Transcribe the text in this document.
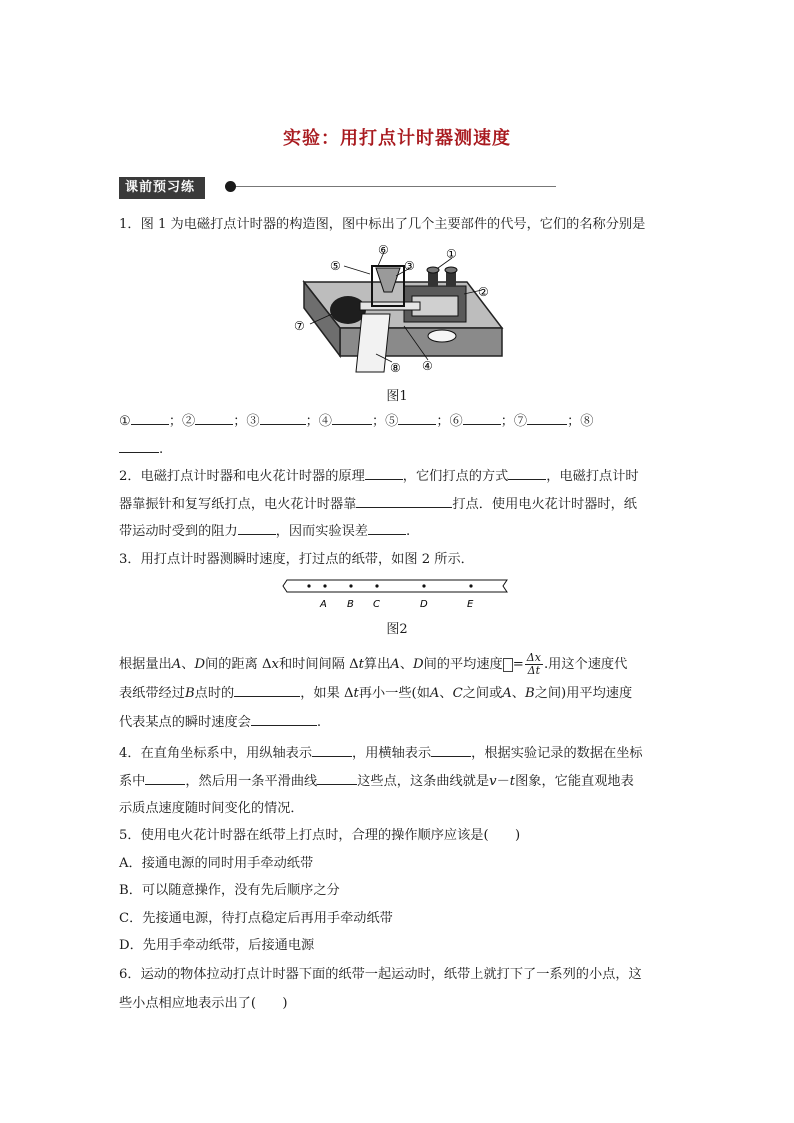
实验：用打点计时器测速度
课前预习练
1．图 1 为电磁打点计时器的构造图，图中标出了几个主要部件的代号，它们的名称分别是
①
②
③
④
⑤
⑥
⑦
⑧
图1
①	；②	；③	；④	；⑤	；⑥	；⑦	；⑧
.
2．电磁打点计时器和电火花计时器的原理	，它们打点的方式	，电磁打点计时
器靠振针和复写纸打点，电火花计时器靠	打点．使用电火花计时器时，纸
带运动时受到的阻力	，因而实验误差	.
3．用打点计时器测瞬时速度，打过点的纸带，如图 2 所示．
A B C	D	E
图2
根据量出A、D间的距离 Δx和时间间隔 Δt算出A、D间的平均速度 = $\frac{\Delta x}{\Delta t}$ .用这个速度代
表纸带经过B点时的	，如果 Δt再小一些(如A、C之间或A、B之间)用平均速度
代表某点的瞬时速度会	.
4．在直角坐标系中，用纵轴表示	，用横轴表示	，根据实验记录的数据在坐标
系中	，然后用一条平滑曲线	这些点，这条曲线就是v－t图象，它能直观地表
示质点速度随时间变化的情况．
5．使用电火花计时器在纸带上打点时，合理的操作顺序应该是(　　)
A．接通电源的同时用手牵动纸带
B．可以随意操作，没有先后顺序之分
C．先接通电源，待打点稳定后再用手牵动纸带
D．先用手牵动纸带，后接通电源
6．运动的物体拉动打点计时器下面的纸带一起运动时，纸带上就打下了一系列的小点，这
些小点相应地表示出了(　　)
